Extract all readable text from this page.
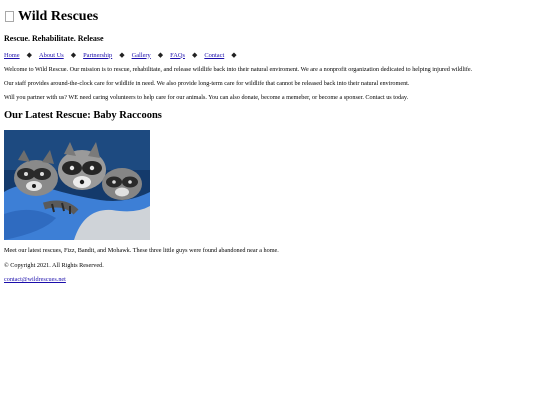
Wild Rescues
Rescue. Rehabilitate. Release
Home ◆ About Us ◆ Partnership ◆ Gallery ◆ FAQs ◆ Contact ◆

Welcome to Wild Rescue. Our mission is to rescue, rehabilitate, and release wildlife back into their natural enviroment. We are a nonprofit organization dedicated to helping injured wildlife.

Our staff provides around-the-clock care for wildlife in need. We also provide long-term care for wildlife that cannot be released back into their natural enviroment.

Will you partner with us? WE need caring volunteers to help care for our animals. You can also donate, become a memeber, or become a sponser. Contact us today.

Our Latest Rescue: Baby Raccoons

Meet our latest rescues, Fizz, Bandit, and Mohawk. These three little guys were found abandoned near a home.

© Copyright 2021. All Rights Reserved.

contact@wildrescues.net
